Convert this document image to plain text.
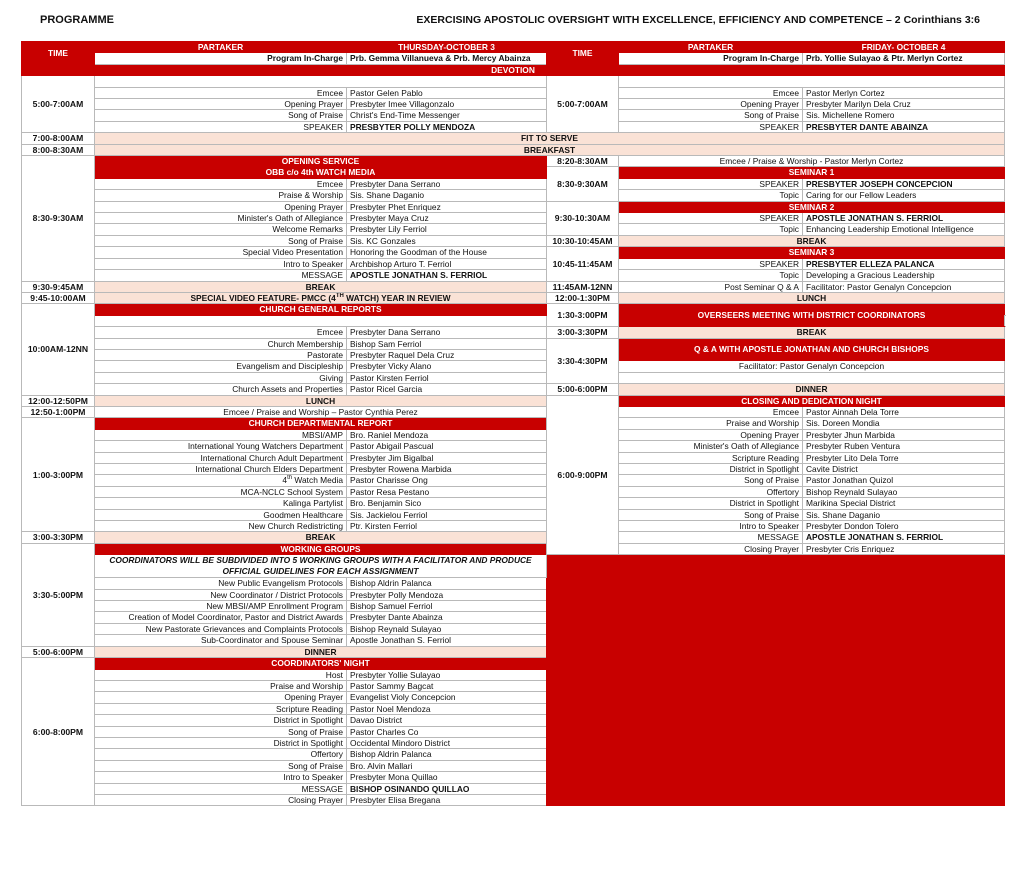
PROGRAMME	EXERCISING APOSTOLIC OVERSIGHT WITH EXCELLENCE, EFFICIENCY AND COMPETENCE – 2 Corinthians 3:6
TIME	PARTAKER	THURSDAY-OCTOBER 3	TIME	PARTAKER	FRIDAY- OCTOBER 4	
	Program In-Charge	Prb. Gemma Villanueva & Prb. Mercy Abainza		Program In-Charge	Prb. Yollie Sulayao & Ptr. Merlyn Cortez	
DEVOTION						
5:00-7:00AM			5:00-7:00AM			
	Emcee	Pastor Gelen Pablo		Emcee	Pastor Merlyn Cortez	
	Opening Prayer	Presbyter Imee Villagonzalo		Opening Prayer	Presbyter Marilyn Dela Cruz	
	Song of Praise	Christ's End-Time Messenger		Song of Praise	Sis. Michellene Romero	
	SPEAKER	PRESBYTER POLLY MENDOZA		SPEAKER	PRESBYTER DANTE ABAINZA	
7:00-8:00AM	FIT TO SERVE					
8:00-8:30AM	BREAKFAST					
8:30-9:30AM	OPENING SERVICE		8:20-8:30AM	Emcee / Praise & Worship - Pastor Merlyn Cortez		
	OBB c/o 4th WATCH MEDIA		8:30-9:30AM	SEMINAR 1		
	Emcee	Presbyter Dana Serrano		SPEAKER	PRESBYTER JOSEPH CONCEPCION	
	Praise & Worship	Sis. Shane Daganio		Topic	Caring for our Fellow Leaders	
	Opening Prayer	Presbyter Phet Enriquez	9:30-10:30AM	SEMINAR 2		
	Minister's Oath of Allegiance	Presbyter Maya Cruz		SPEAKER	APOSTLE JONATHAN S. FERRIOL	
	Welcome Remarks	Presbyter Lily Ferriol		Topic	Enhancing Leadership Emotional Intelligence	
	Song of Praise	Sis. KC Gonzales	10:30-10:45AM	BREAK		
	Special Video Presentation	Honoring the Goodman of the House	10:45-11:45AM	SEMINAR 3		
	Intro to Speaker	Archbishop Arturo T. Ferriol		SPEAKER	PRESBYTER ELLEZA PALANCA	
	MESSAGE	APOSTLE JONATHAN S. FERRIOL		Topic	Developing a Gracious Leadership	
9:30-9:45AM	BREAK		11:45AM-12NN	Post Seminar Q & A	Facilitator: Pastor Genalyn Concepcion	
9:45-10:00AM	SPECIAL VIDEO FEATURE- PMCC (4TH WATCH) YEAR IN REVIEW		12:00-1:30PM	LUNCH		
10:00AM-12NN	CHURCH GENERAL REPORTS		1:30-3:00PM	OVERSEERS MEETING WITH DISTRICT COORDINATORS		

	Emcee	Presbyter Dana Serrano	3:00-3:30PM	BREAK		
	Church Membership	Bishop Sam Ferriol	3:30-4:30PM	Q & A WITH APOSTLE JONATHAN AND CHURCH BISHOPS		
	Pastorate	Presbyter Raquel Dela Cruz				
	Evangelism and Discipleship	Presbyter Vicky Alano		Facilitator: Pastor Genalyn Concepcion		
	Giving	Pastor Kirsten Ferriol				
	Church Assets and Properties	Pastor Ricel Garcia	5:00-6:00PM	DINNER		
12:00-12:50PM	LUNCH		6:00-9:00PM	CLOSING AND DEDICATION NIGHT		
12:50-1:00PM	Emcee / Praise and Worship – Pastor Cynthia Perez			Emcee	Pastor Ainnah Dela Torre	
1:00-3:00PM	CHURCH DEPARTMENTAL REPORT			Praise and Worship	Sis. Doreen Mondia	
	MBSI/AMP	Bro. Raniel Mendoza		Opening Prayer	Presbyter Jhun Marbida	
	International Young Watchers Department	Pastor Abigail Pascual		Minister's Oath of Allegiance	Presbyter Ruben Ventura	
	International Church Adult Department	Presbyter Jim Bigalbal		Scripture Reading	Presbyter Lito Dela Torre	
	International Church Elders Department	Presbyter Rowena Marbida		District in Spotlight	Cavite District	
	4th Watch Media	Pastor Charisse Ong		Song of Praise	Pastor Jonathan Quizol	
	MCA-NCLC School System	Pastor Resa Pestano		Offertory	Bishop Reynald Sulayao	
	Kalinga Partylist	Bro. Benjamin Sico		District in Spotlight	Marikina Special District	
	Goodmen Healthcare	Sis. Jackielou Ferriol		Song of Praise	Sis. Shane Daganio	
	New Church Redistricting	Ptr. Kirsten Ferriol		Intro to Speaker	Presbyter Dondon Tolero	
3:00-3:30PM	BREAK			MESSAGE	APOSTLE JONATHAN S. FERRIOL	
3:30-5:00PM	WORKING GROUPS			Closing Prayer	Presbyter Cris Enriquez	
	COORDINATORS WILL BE SUBDIVIDED INTO 5 WORKING GROUPS WITH A FACILITATOR AND PRODUCE OFFICIAL GUIDELINES FOR EACH ASSIGNMENT					
	New Public Evangelism Protocols	Bishop Aldrin Palanca				
	New Coordinator / District Protocols	Presbyter Polly Mendoza				
	New MBSI/AMP Enrollment Program	Bishop Samuel Ferriol				
	Creation of Model Coordinator, Pastor and District Awards	Presbyter Dante Abainza				
	New Pastorate Grievances and Complaints Protocols	Bishop Reynald Sulayao				
	Sub-Coordinator and Spouse Seminar	Apostle Jonathan S. Ferriol				
5:00-6:00PM	DINNER					
6:00-8:00PM	COORDINATORS' NIGHT					
	Host	Presbyter Yollie Sulayao				
	Praise and Worship	Pastor Sammy Bagcat				
	Opening Prayer	Evangelist Violy Concepcion				
	Scripture Reading	Pastor Noel Mendoza				
	District in Spotlight	Davao District				
	Song of Praise	Pastor Charles Co				
	District in Spotlight	Occidental Mindoro District				
	Offertory	Bishop Aldrin Palanca				
	Song of Praise	Bro. Alvin Mallari				
	Intro to Speaker	Presbyter Mona Quillao				
	MESSAGE	BISHOP OSINANDO QUILLAO				
	Closing Prayer	Presbyter Elisa Bregana				
